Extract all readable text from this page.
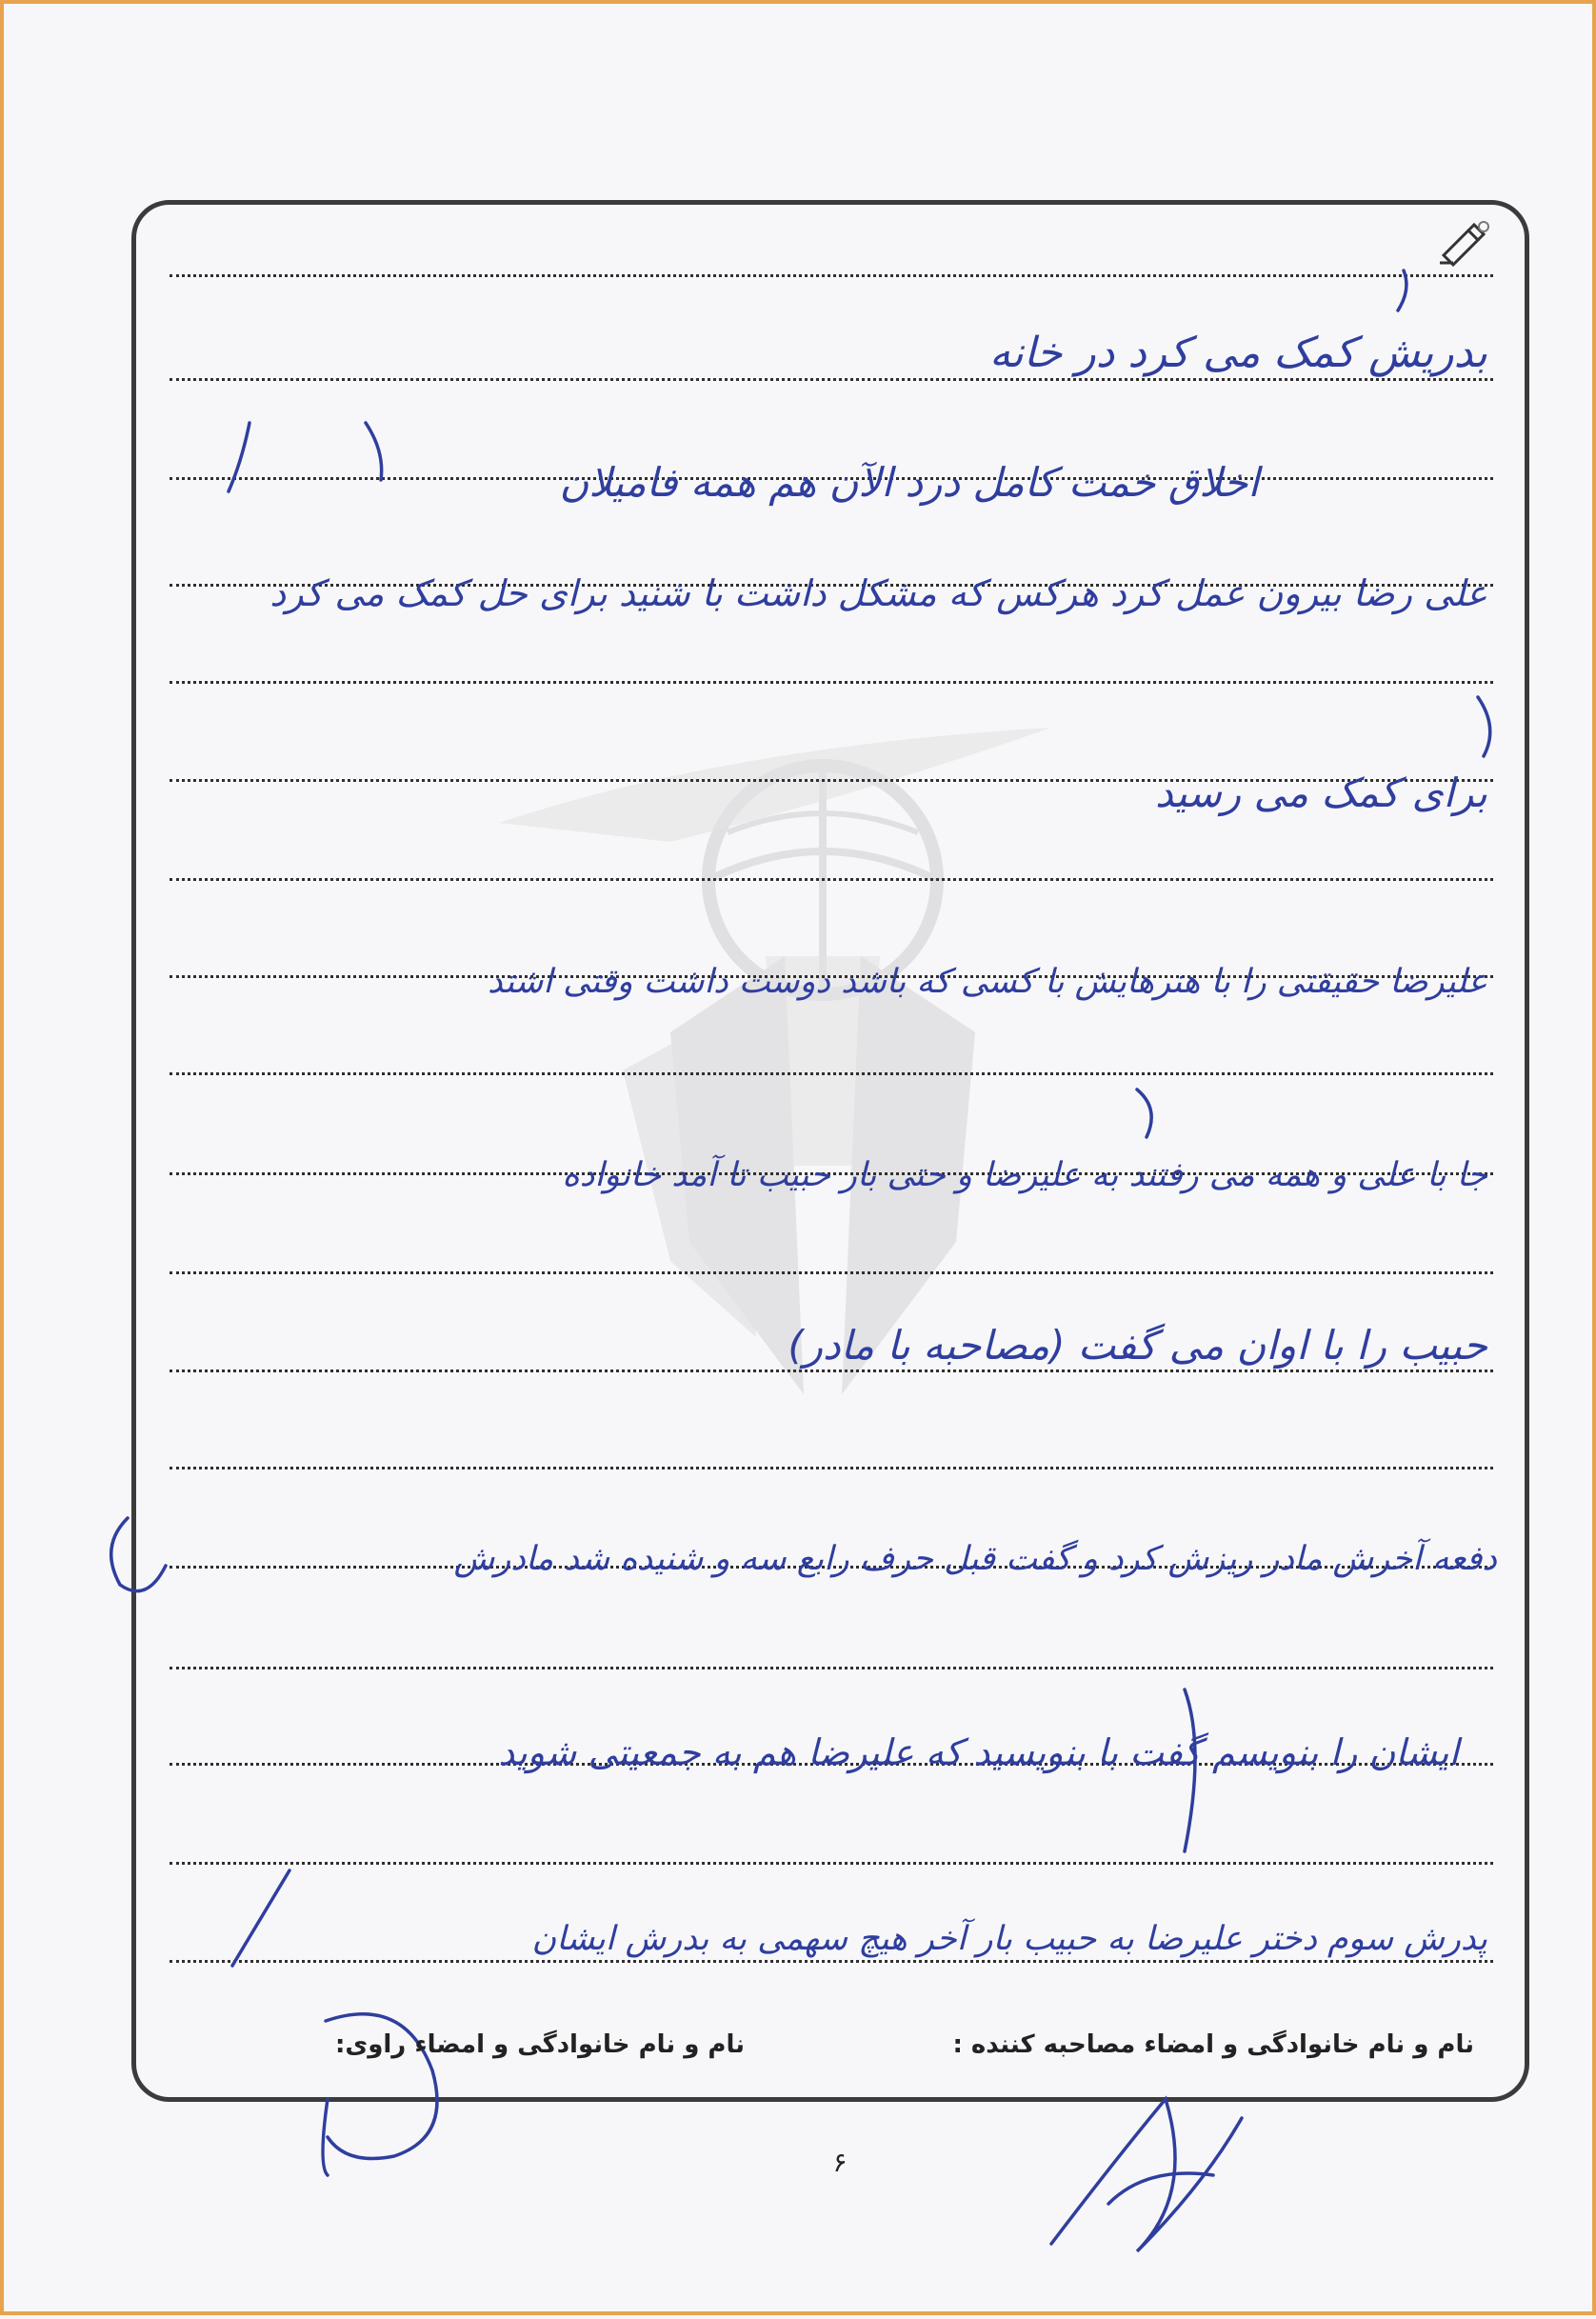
بدریش کمک می کرد در خانه
اخلاق خمت کامل درد الآن هم همه فامیلان
علی رضا بیرون عمل کرد هرکس که مشکل داشت با شنید برای حل کمک می کرد
برای کمک می رسید
علیرضا حقیقتی را با هنرهایش با کسی که باشد دوست داشت وقتی اشتد
جا با علی و همه می رفتند به علیرضا و حتی بار حبیب تا آمد خانواده
حبیب را با اوان می گفت (مصاحبه با مادر)
دفعه آخرش مادر ریزش کرد و گفت قبل حرف رابع سه و شنیده شد مادرش
ایشان را بنویسم گفت با بنویسید که علیرضا هم به جمعیتی شوید
پدرش سوم دختر علیرضا به حبیب بار آخر هیچ سهمی به بدرش ایشان
نام و نام خانوادگی و امضاء مصاحبه کننده :
نام و نام خانوادگی و امضاء راوی:
۶
